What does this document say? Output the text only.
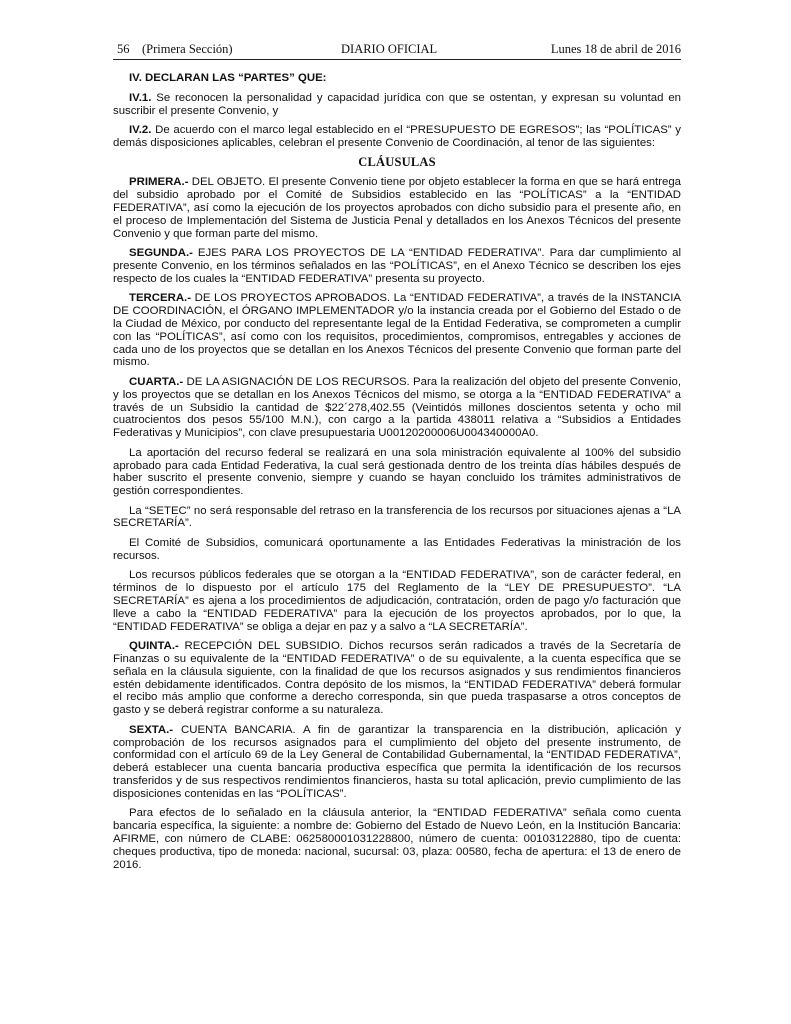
56    (Primera Sección)	DIARIO OFICIAL	Lunes 18 de abril de 2016

IV. DECLARAN LAS “PARTES” QUE:

IV.1. Se reconocen la personalidad y capacidad jurídica con que se ostentan, y expresan su voluntad en suscribir el presente Convenio, y

IV.2. De acuerdo con el marco legal establecido en el “PRESUPUESTO DE EGRESOS”; las “POLÍTICAS” y demás disposiciones aplicables, celebran el presente Convenio de Coordinación, al tenor de las siguientes:

CLÁUSULAS

PRIMERA.- DEL OBJETO. El presente Convenio tiene por objeto establecer la forma en que se hará entrega del subsidio aprobado por el Comité de Subsidios establecido en las “POLÍTICAS” a la “ENTIDAD FEDERATIVA”, así como la ejecución de los proyectos aprobados con dicho subsidio para el presente año, en el proceso de Implementación del Sistema de Justicia Penal y detallados en los Anexos Técnicos del presente Convenio y que forman parte del mismo.

SEGUNDA.- EJES PARA LOS PROYECTOS DE LA “ENTIDAD FEDERATIVA”. Para dar cumplimiento al presente Convenio, en los términos señalados en las “POLÍTICAS”, en el Anexo Técnico se describen los ejes respecto de los cuales la “ENTIDAD FEDERATIVA” presenta su proyecto.

TERCERA.- DE LOS PROYECTOS APROBADOS. La “ENTIDAD FEDERATIVA”, a través de la INSTANCIA DE COORDINACIÓN, el ÓRGANO IMPLEMENTADOR y/o la instancia creada por el Gobierno del Estado o de la Ciudad de México, por conducto del representante legal de la Entidad Federativa, se comprometen a cumplir con las “POLÍTICAS”, así como con los requisitos, procedimientos, compromisos, entregables y acciones de cada uno de los proyectos que se detallan en los Anexos Técnicos del presente Convenio que forman parte del mismo.

CUARTA.- DE LA ASIGNACIÓN DE LOS RECURSOS. Para la realización del objeto del presente Convenio, y los proyectos que se detallan en los Anexos Técnicos del mismo, se otorga a la “ENTIDAD FEDERATIVA” a través de un Subsidio la cantidad de $22´278,402.55 (Veintidós millones doscientos setenta y ocho mil cuatrocientos dos pesos 55/100 M.N.), con cargo a la partida 438011 relativa a “Subsidios a Entidades Federativas y Municipios”, con clave presupuestaria U00120200006U004340000A0.

La aportación del recurso federal se realizará en una sola ministración equivalente al 100% del subsidio aprobado para cada Entidad Federativa, la cual será gestionada dentro de los treinta días hábiles después de haber suscrito el presente convenio, siempre y cuando se hayan concluido los trámites administrativos de gestión correspondientes.

La “SETEC” no será responsable del retraso en la transferencia de los recursos por situaciones ajenas a “LA SECRETARÍA”.

El Comité de Subsidios, comunicará oportunamente a las Entidades Federativas la ministración de los recursos.

Los recursos públicos federales que se otorgan a la “ENTIDAD FEDERATIVA”, son de carácter federal, en términos de lo dispuesto por el artículo 175 del Reglamento de la “LEY DE PRESUPUESTO”. “LA SECRETARÍA” es ajena a los procedimientos de adjudicación, contratación, orden de pago y/o facturación que lleve a cabo la “ENTIDAD FEDERATIVA” para la ejecución de los proyectos aprobados, por lo que, la “ENTIDAD FEDERATIVA” se obliga a dejar en paz y a salvo a “LA SECRETARÍA”.

QUINTA.- RECEPCIÓN DEL SUBSIDIO. Dichos recursos serán radicados a través de la Secretaría de Finanzas o su equivalente de la “ENTIDAD FEDERATIVA” o de su equivalente, a la cuenta específica que se señala en la cláusula siguiente, con la finalidad de que los recursos asignados y sus rendimientos financieros estén debidamente identificados. Contra depósito de los mismos, la “ENTIDAD FEDERATIVA” deberá formular el recibo más amplio que conforme a derecho corresponda, sin que pueda traspasarse a otros conceptos de gasto y se deberá registrar conforme a su naturaleza.

SEXTA.- CUENTA BANCARIA. A fin de garantizar la transparencia en la distribución, aplicación y comprobación de los recursos asignados para el cumplimiento del objeto del presente instrumento, de conformidad con el artículo 69 de la Ley General de Contabilidad Gubernamental, la “ENTIDAD FEDERATIVA”, deberá establecer una cuenta bancaria productiva específica que permita la identificación de los recursos transferidos y de sus respectivos rendimientos financieros, hasta su total aplicación, previo cumplimiento de las disposiciones contenidas en las “POLÍTICAS”.

Para efectos de lo señalado en la cláusula anterior, la “ENTIDAD FEDERATIVA” señala como cuenta bancaria específica, la siguiente: a nombre de: Gobierno del Estado de Nuevo León, en la Institución Bancaria: AFIRME, con número de CLABE: 062580001031228800, número de cuenta: 00103122880, tipo de cuenta: cheques productiva, tipo de moneda: nacional, sucursal: 03, plaza: 00580, fecha de apertura: el 13 de enero de 2016.
